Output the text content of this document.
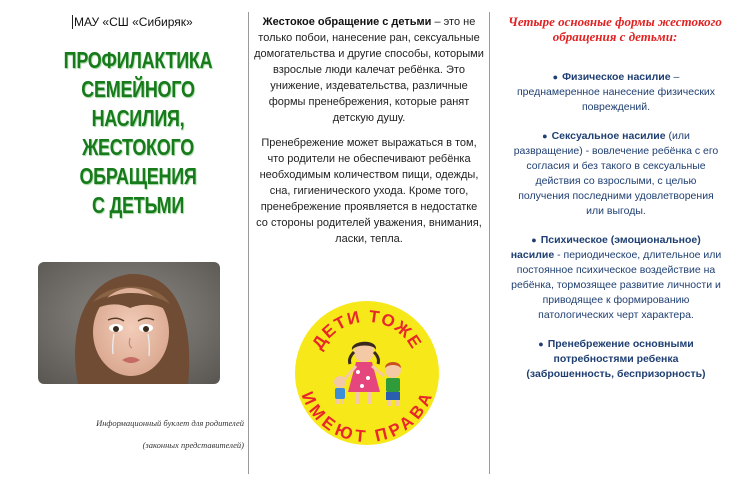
МАУ «СШ «Сибиряк»
ПРОФИЛАКТИКА
СЕМЕЙНОГО
НАСИЛИЯ,
ЖЕСТОКОГО
ОБРАЩЕНИЯ
С ДЕТЬМИ
Информационный буклет для родителей
(законных представителей)

Жестокое обращение с детьми – это не только побои, нанесение ран, сексуальные домогательства и другие способы, которыми взрослые люди калечат ребёнка. Это унижение, издевательства, различные формы пренебрежения, которые ранят детскую душу.

Пренебрежение может выражаться в том, что родители не обеспечивают ребёнка необходимым количеством пищи, одежды, сна, гигиенического ухода. Кроме того, пренебрежение проявляется в недостатке со стороны родителей уважения, внимания, ласки, тепла.

ДЕТИ ТОЖЕ
ИМЕЮТ ПРАВА
Четыре основные формы жестокого обращения с детьми:
● Физическое насилие – преднамеренное нанесение физических повреждений.
● Сексуальное насилие (или развращение) - вовлечение ребёнка с его согласия и без такого в сексуальные действия со взрослыми, с целью получения последними удовлетворения или выгоды.
● Психическое (эмоциональное) насилие - периодическое, длительное или постоянное психическое воздействие на ребёнка, тормозящее развитие личности и приводящее к формированию патологических черт характера.
● Пренебрежение основными потребностями ребенка (заброшенность, беспризорность)
